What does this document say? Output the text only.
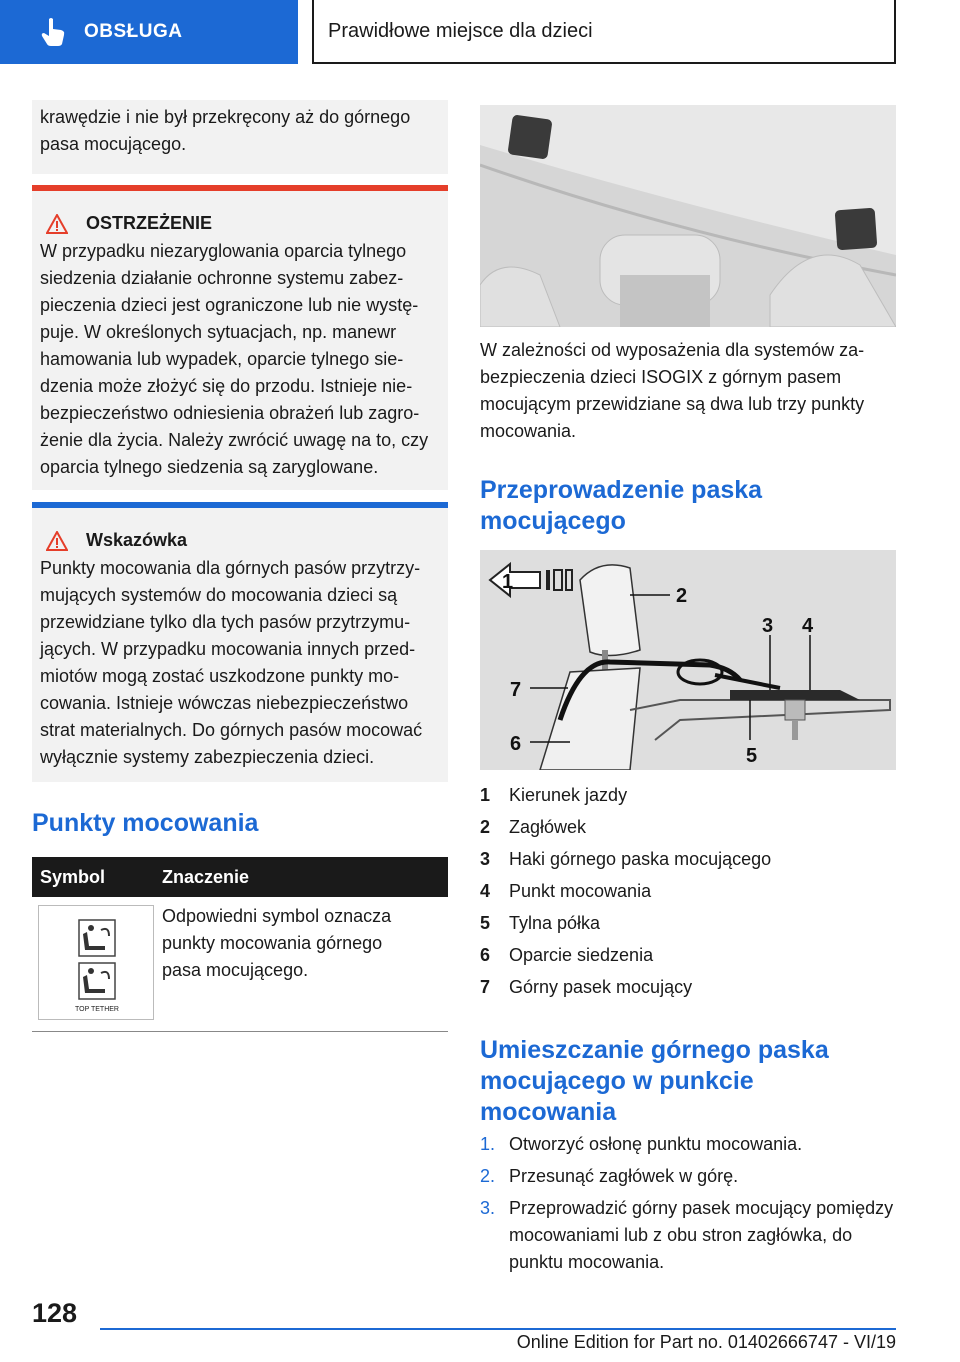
OBSŁUGA	Prawidłowe miejsce dla dzieci

krawędzie i nie był przekręcony aż do górnego pasa mocującego.

OSTRZEŻENIE

W przypadku niezaryglowania oparcia tylnego siedzenia działanie ochronne systemu zabezpieczenia dzieci jest ograniczone lub nie występuje. W określonych sytuacjach, np. manewr hamowania lub wypadek, oparcie tylnego siedzenia może złożyć się do przodu. Istnieje niebezpieczeństwo odniesienia obrażeń lub zagrożenie dla życia. Należy zwrócić uwagę na to, czy oparcia tylnego siedzenia są zaryglowane.

Wskazówka

Punkty mocowania dla górnych pasów przytrzymujących systemów do mocowania dzieci są przewidziane tylko dla tych pasów przytrzymujących. W przypadku mocowania innych przedmiotów mogą zostać uszkodzone punkty mocowania. Istnieje wówczas niebezpieczeństwo strat materialnych. Do górnych pasów mocować wyłącznie systemy zabezpieczenia dzieci.

Punkty mocowania
Symbol	Znaczenie
TOP TETHER
Odpowiedni symbol oznacza punkty mocowania górnego pasa mocującego.
W zależności od wyposażenia dla systemów zabezpieczenia dzieci ISOGIX z górnym pasem mocującym przewidziane są dwa lub trzy punkty mocowania.
Przeprowadzenie paska mocującego
1
2
3 4
5
6
7
1	Kierunek jazdy
2	Zagłówek
3	Haki górnego paska mocującego
4	Punkt mocowania
5	Tylna półka
6	Oparcie siedzenia
7	Górny pasek mocujący
Umieszczanie górnego paska mocującego w punkcie mocowania
1. Otworzyć osłonę punktu mocowania.
2. Przesunąć zagłówek w górę.
3. Przeprowadzić górny pasek mocujący pomiędzy mocowaniami lub z obu stron zagłówka, do punktu mocowania.
128
Online Edition for Part no. 01402666747 - VI/19
